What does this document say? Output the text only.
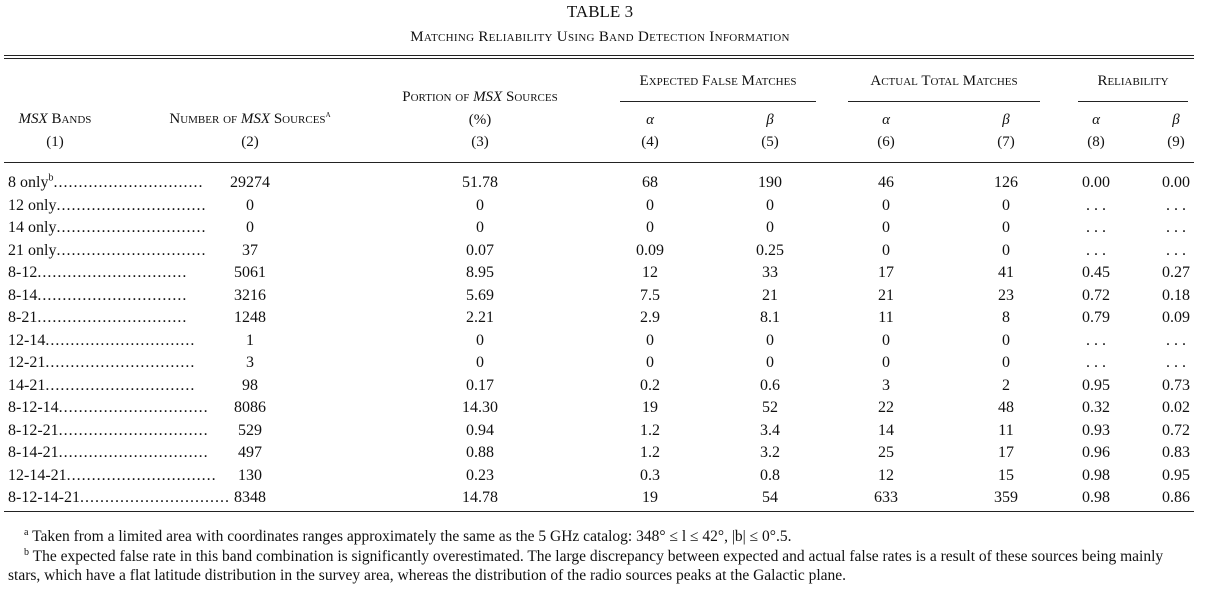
TABLE 3
Matching Reliability Using Band Detection Information
Expected False Matches	Actual Total Matches	Reliability
MSX Bands	Number of MSX Sources$^a$
Portion of MSX Sources
(%)	α	β	α	β	α	β
(1)	(2)	(3)	(4)	(5)	(6)	(7)	(8)	(9)
8 only$^b$..............................	29274	51.78	68	190	46	126	0.00	0.00
12 only..............................	0	0	0	0	0	0	. . .	. . .
14 only..............................	0	0	0	0	0	0	. . .	. . .
21 only..............................	37	0.07	0.09	0.25	0	0	. . .	. . .
8-12..............................	5061	8.95	12	33	17	41	0.45	0.27
8-14..............................	3216	5.69	7.5	21	21	23	0.72	0.18
8-21..............................	1248	2.21	2.9	8.1	11	8	0.79	0.09
12-14..............................	1	0	0	0	0	0	. . .	. . .
12-21..............................	3	0	0	0	0	0	. . .	. . .
14-21..............................	98	0.17	0.2	0.6	3	2	0.95	0.73
8-12-14..............................	8086	14.30	19	52	22	48	0.32	0.02
8-12-21..............................	529	0.94	1.2	3.4	14	11	0.93	0.72
8-14-21..............................	497	0.88	1.2	3.2	25	17	0.96	0.83
12-14-21..............................	130	0.23	0.3	0.8	12	15	0.98	0.95
8-12-14-21.............................. 8348	14.78	19	54	633	359	0.98	0.86
$^a$ Taken from a limited area with coordinates ranges approximately the same as the 5 GHz catalog: 348° ≤ l ≤ 42°, |b| ≤ 0°.5.
$^b$ The expected false rate in this band combination is significantly overestimated. The large discrepancy between expected and actual false rates is a result of these sources being mainly stars, which have a flat latitude distribution in the survey area, whereas the distribution of the radio sources peaks at the Galactic plane.
